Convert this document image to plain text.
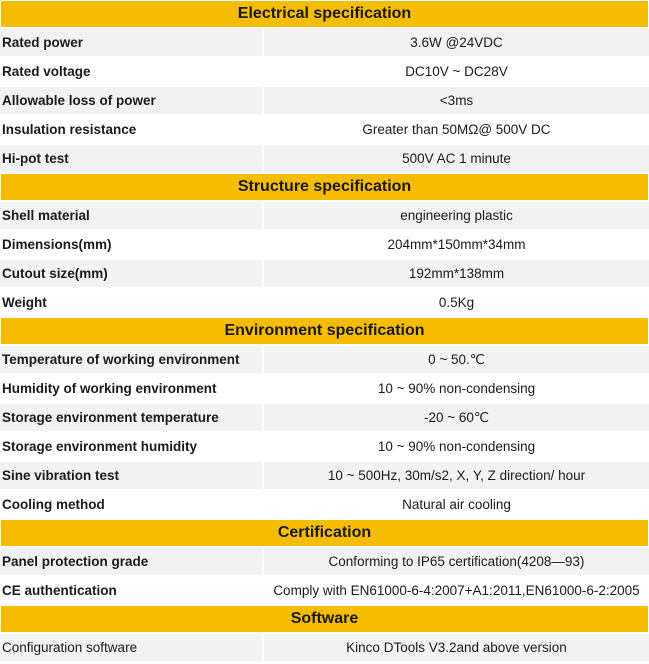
Electrical specification
Rated power	3.6W @24VDC
Rated voltage	DC10V ~ DC28V
Allowable loss of power	<3ms
Insulation resistance	Greater than 50MΩ@ 500V DC
Hi-pot test	500V AC 1 minute
Structure specification
Shell material	engineering plastic
Dimensions(mm)	204mm*150mm*34mm
Cutout size(mm)	192mm*138mm
Weight	0.5Kg
Environment specification
Temperature of working environment	0 ~ 50.℃
Humidity of working environment	10 ~ 90% non-condensing
Storage environment temperature	-20 ~ 60℃
Storage environment humidity	10 ~ 90% non-condensing
Sine vibration test	10 ~ 500Hz, 30m/s2, X, Y, Z direction/ hour
Cooling method	Natural air cooling
Certification
Panel protection grade	Conforming to IP65 certification(4208—93)
CE authentication	Comply with EN61000-6-4:2007+A1:2011,EN61000-6-2:2005
Software
Configuration software	Kinco DTools V3.2and above version
